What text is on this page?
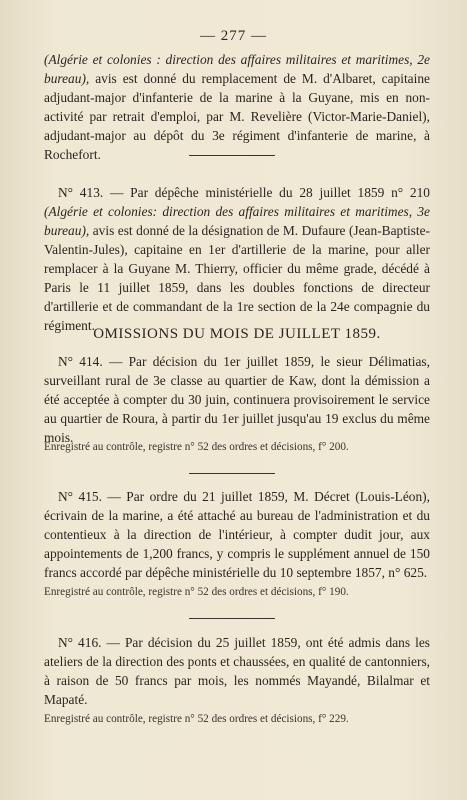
— 277 —
(Algérie et colonies : direction des affaires militaires et maritimes, 2e bureau), avis est donné du remplacement de M. d'Albaret, capitaine adjudant-major d'infanterie de la marine à la Guyane, mis en non-activité par retrait d'emploi, par M. Revelière (Victor-Marie-Daniel), adjudant-major au dépôt du 3e régiment d'infanterie de marine, à Rochefort.
N° 413. — Par dépêche ministérielle du 28 juillet 1859 n° 210 (Algérie et colonies: direction des affaires militaires et maritimes, 3e bureau), avis est donné de la désignation de M. Dufaure (Jean-Baptiste-Valentin-Jules), capitaine en 1er d'artillerie de la marine, pour aller remplacer à la Guyane M. Thierry, officier du même grade, décédé à Paris le 11 juillet 1859, dans les doubles fonctions de directeur d'artillerie et de commandant de la 1re section de la 24e compagnie du régiment.
OMISSIONS DU MOIS DE JUILLET 1859.
N° 414. — Par décision du 1er juillet 1859, le sieur Délimatias, surveillant rural de 3e classe au quartier de Kaw, dont la démission a été acceptée à compter du 30 juin, continuera provisoirement le service au quartier de Roura, à partir du 1er juillet jusqu'au 19 exclus du même mois.
Enregistré au contrôle, registre n° 52 des ordres et décisions, f° 200.
N° 415. — Par ordre du 21 juillet 1859, M. Décret (Louis-Léon), écrivain de la marine, a été attaché au bureau de l'administration et du contentieux à la direction de l'intérieur, à compter dudit jour, aux appointements de 1,200 francs, y compris le supplément annuel de 150 francs accordé par dépêche ministérielle du 10 septembre 1857, n° 625.
Enregistré au contrôle, registre n° 52 des ordres et décisions, f° 190.
N° 416. — Par décision du 25 juillet 1859, ont été admis dans les ateliers de la direction des ponts et chaussées, en qualité de cantonniers, à raison de 50 francs par mois, les nommés Mayandé, Bilalmar et Mapaté.
Enregistré au contrôle, registre n° 52 des ordres et décisions, f° 229.
